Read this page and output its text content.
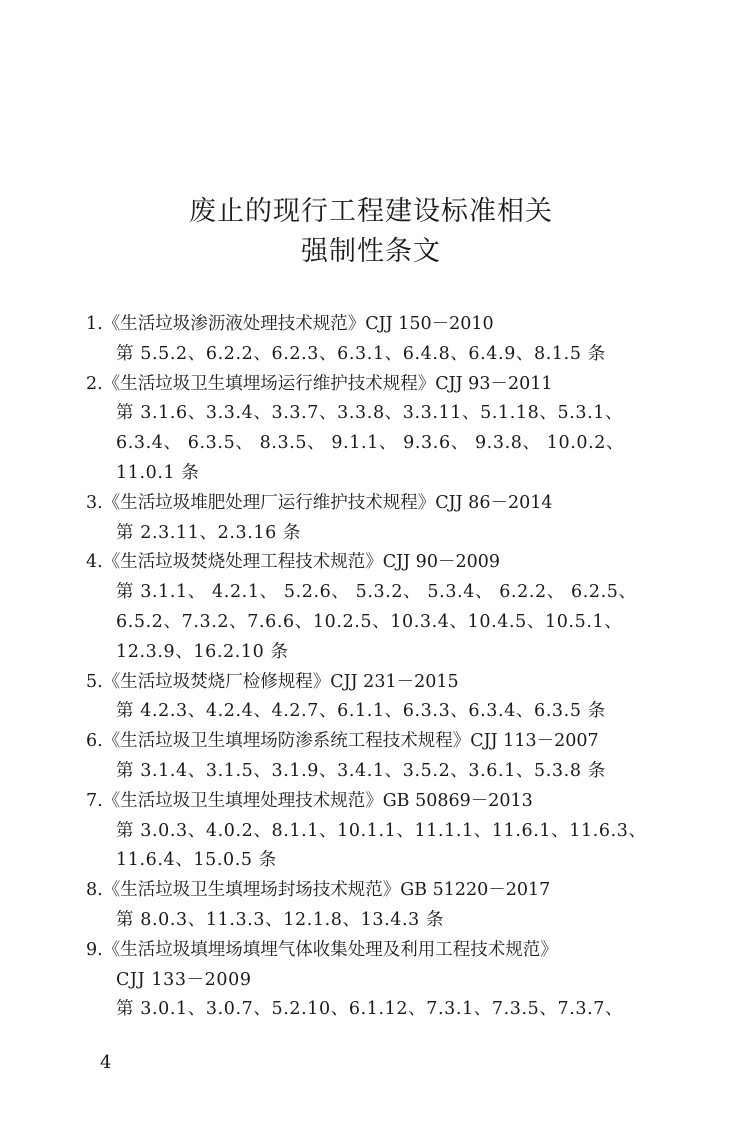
废止的现行工程建设标准相关
强制性条文
1.《生活垃圾渗沥液处理技术规范》CJJ 150－2010
第 5.5.2、6.2.2、6.2.3、6.3.1、6.4.8、6.4.9、8.1.5 条
2.《生活垃圾卫生填埋场运行维护技术规程》CJJ 93－2011
第 3.1.6、3.3.4、3.3.7、3.3.8、3.3.11、5.1.18、5.3.1、
6.3.4、 6.3.5、 8.3.5、 9.1.1、 9.3.6、 9.3.8、 10.0.2、
11.0.1 条
3.《生活垃圾堆肥处理厂运行维护技术规程》CJJ 86－2014
第 2.3.11、2.3.16 条
4.《生活垃圾焚烧处理工程技术规范》CJJ 90－2009
第 3.1.1、 4.2.1、 5.2.6、 5.3.2、 5.3.4、 6.2.2、 6.2.5、
6.5.2、7.3.2、7.6.6、10.2.5、10.3.4、10.4.5、10.5.1、
12.3.9、16.2.10 条
5.《生活垃圾焚烧厂检修规程》CJJ 231－2015
第 4.2.3、4.2.4、4.2.7、6.1.1、6.3.3、6.3.4、6.3.5 条
6.《生活垃圾卫生填埋场防渗系统工程技术规程》CJJ 113－2007
第 3.1.4、3.1.5、3.1.9、3.4.1、3.5.2、3.6.1、5.3.8 条
7.《生活垃圾卫生填埋处理技术规范》GB 50869－2013
第 3.0.3、4.0.2、8.1.1、10.1.1、11.1.1、11.6.1、11.6.3、
11.6.4、15.0.5 条
8.《生活垃圾卫生填埋场封场技术规范》GB 51220－2017
第 8.0.3、11.3.3、12.1.8、13.4.3 条
9.《生活垃圾填埋场填埋气体收集处理及利用工程技术规范》
CJJ 133－2009
第 3.0.1、3.0.7、5.2.10、6.1.12、7.3.1、7.3.5、7.3.7、
4
